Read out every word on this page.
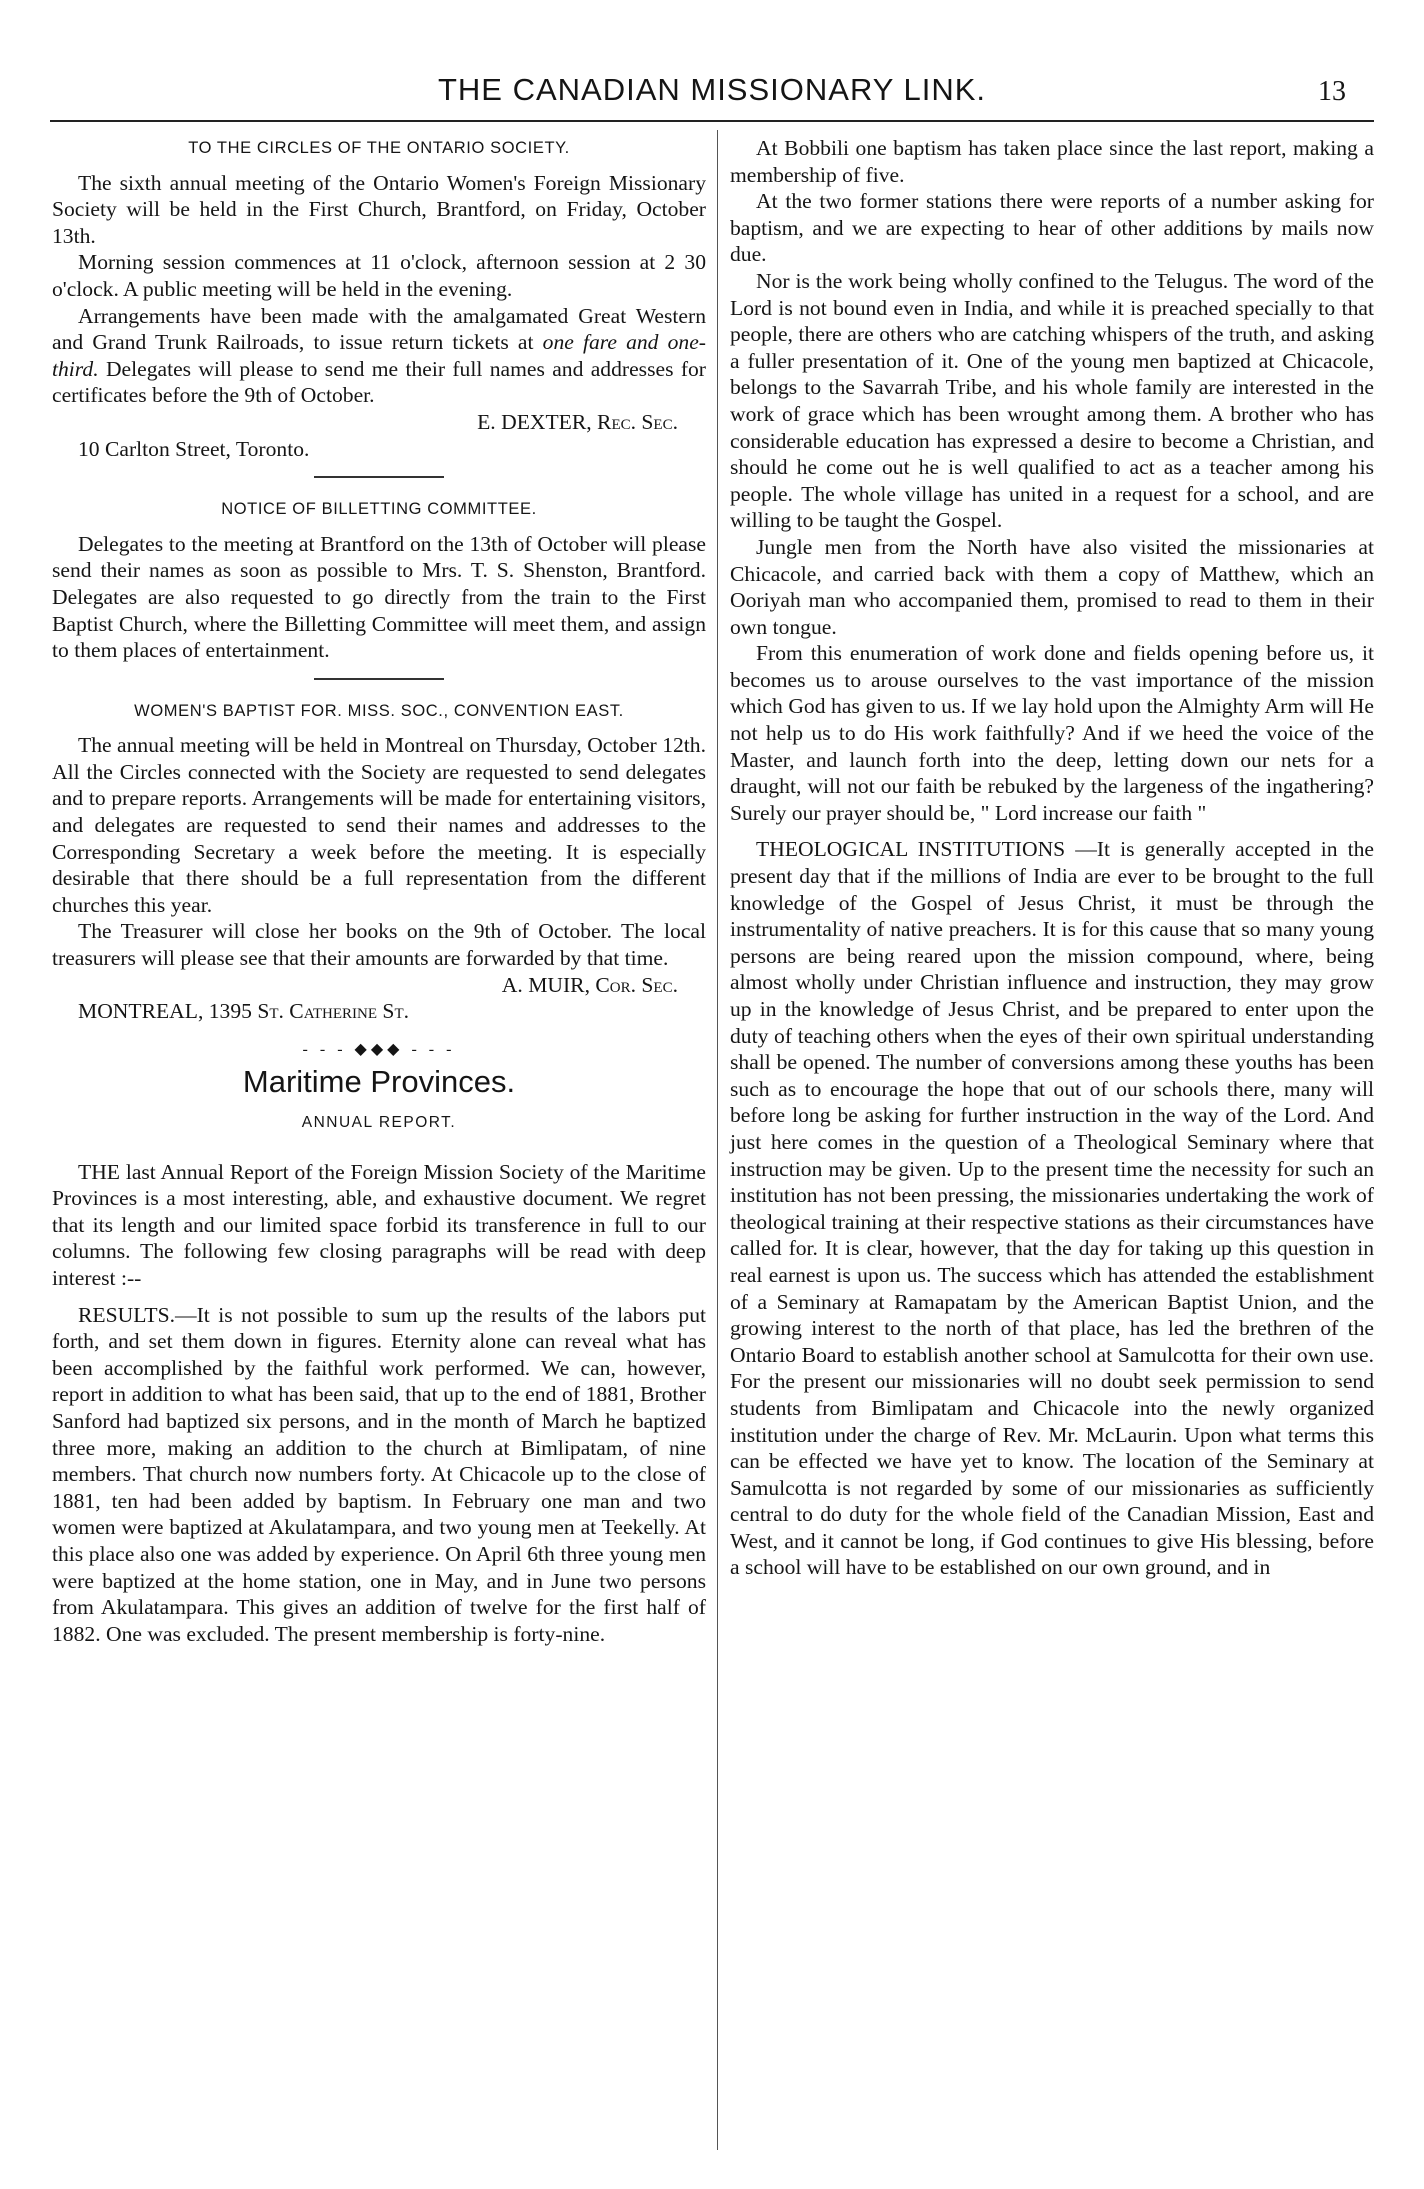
THE CANADIAN MISSIONARY LINK.	13
TO THE CIRCLES OF THE ONTARIO SOCIETY.

The sixth annual meeting of the Ontario Women's Foreign Missionary Society will be held in the First Church, Brantford, on Friday, October 13th.

Morning session commences at 11 o'clock, afternoon session at 2 30 o'clock. A public meeting will be held in the evening.

Arrangements have been made with the amalgamated Great Western and Grand Trunk Railroads, to issue return tickets at one fare and one-third. Delegates will please to send me their full names and addresses for certificates before the 9th of October.

E. DEXTER, Rec. Sec.

10 Carlton Street, Toronto.

NOTICE OF BILLETTING COMMITTEE.

Delegates to the meeting at Brantford on the 13th of October will please send their names as soon as possible to Mrs. T. S. Shenston, Brantford. Delegates are also requested to go directly from the train to the First Baptist Church, where the Billetting Committee will meet them, and assign to them places of entertainment.

WOMEN'S BAPTIST FOR. MISS. SOC., CONVENTION EAST.

The annual meeting will be held in Montreal on Thursday, October 12th. All the Circles connected with the Society are requested to send delegates and to prepare reports. Arrangements will be made for entertaining visitors, and delegates are requested to send their names and addresses to the Corresponding Secretary a week before the meeting. It is especially desirable that there should be a full representation from the different churches this year.

The Treasurer will close her books on the 9th of October. The local treasurers will please see that their amounts are forwarded by that time.

A. MUIR, Cor. Sec.

MONTREAL, 1395 St. Catherine St.

- - - ◆◆◆ - - -
Maritime Provinces.
ANNUAL REPORT.

THE last Annual Report of the Foreign Mission Society of the Maritime Provinces is a most interesting, able, and exhaustive document. We regret that its length and our limited space forbid its transference in full to our columns. The following few closing paragraphs will be read with deep interest :--

RESULTS.—It is not possible to sum up the results of the labors put forth, and set them down in figures. Eternity alone can reveal what has been accomplished by the faithful work performed. We can, however, report in addition to what has been said, that up to the end of 1881, Brother Sanford had baptized six persons, and in the month of March he baptized three more, making an addition to the church at Bimlipatam, of nine members. That church now numbers forty. At Chicacole up to the close of 1881, ten had been added by baptism. In February one man and two women were baptized at Akulatampara, and two young men at Teekelly. At this place also one was added by experience. On April 6th three young men were baptized at the home station, one in May, and in June two persons from Akulatampara. This gives an addition of twelve for the first half of 1882. One was excluded. The present membership is forty-nine.

At Bobbili one baptism has taken place since the last report, making a membership of five.

At the two former stations there were reports of a number asking for baptism, and we are expecting to hear of other additions by mails now due.

Nor is the work being wholly confined to the Telugus. The word of the Lord is not bound even in India, and while it is preached specially to that people, there are others who are catching whispers of the truth, and asking a fuller presentation of it. One of the young men baptized at Chicacole, belongs to the Savarrah Tribe, and his whole family are interested in the work of grace which has been wrought among them. A brother who has considerable education has expressed a desire to become a Christian, and should he come out he is well qualified to act as a teacher among his people. The whole village has united in a request for a school, and are willing to be taught the Gospel.

Jungle men from the North have also visited the missionaries at Chicacole, and carried back with them a copy of Matthew, which an Ooriyah man who accompanied them, promised to read to them in their own tongue.

From this enumeration of work done and fields opening before us, it becomes us to arouse ourselves to the vast importance of the mission which God has given to us. If we lay hold upon the Almighty Arm will He not help us to do His work faithfully? And if we heed the voice of the Master, and launch forth into the deep, letting down our nets for a draught, will not our faith be rebuked by the largeness of the ingathering? Surely our prayer should be, " Lord increase our faith "

THEOLOGICAL INSTITUTIONS —It is generally accepted in the present day that if the millions of India are ever to be brought to the full knowledge of the Gospel of Jesus Christ, it must be through the instrumentality of native preachers. It is for this cause that so many young persons are being reared upon the mission compound, where, being almost wholly under Christian influence and instruction, they may grow up in the knowledge of Jesus Christ, and be prepared to enter upon the duty of teaching others when the eyes of their own spiritual understanding shall be opened. The number of conversions among these youths has been such as to encourage the hope that out of our schools there, many will before long be asking for further instruction in the way of the Lord. And just here comes in the question of a Theological Seminary where that instruction may be given. Up to the present time the necessity for such an institution has not been pressing, the missionaries undertaking the work of theological training at their respective stations as their circumstances have called for. It is clear, however, that the day for taking up this question in real earnest is upon us. The success which has attended the establishment of a Seminary at Ramapatam by the American Baptist Union, and the growing interest to the north of that place, has led the brethren of the Ontario Board to establish another school at Samulcotta for their own use. For the present our missionaries will no doubt seek permission to send students from Bimlipatam and Chicacole into the newly organized institution under the charge of Rev. Mr. McLaurin. Upon what terms this can be effected we have yet to know. The location of the Seminary at Samulcotta is not regarded by some of our missionaries as sufficiently central to do duty for the whole field of the Canadian Mission, East and West, and it cannot be long, if God continues to give His blessing, before a school will have to be established on our own ground, and in
